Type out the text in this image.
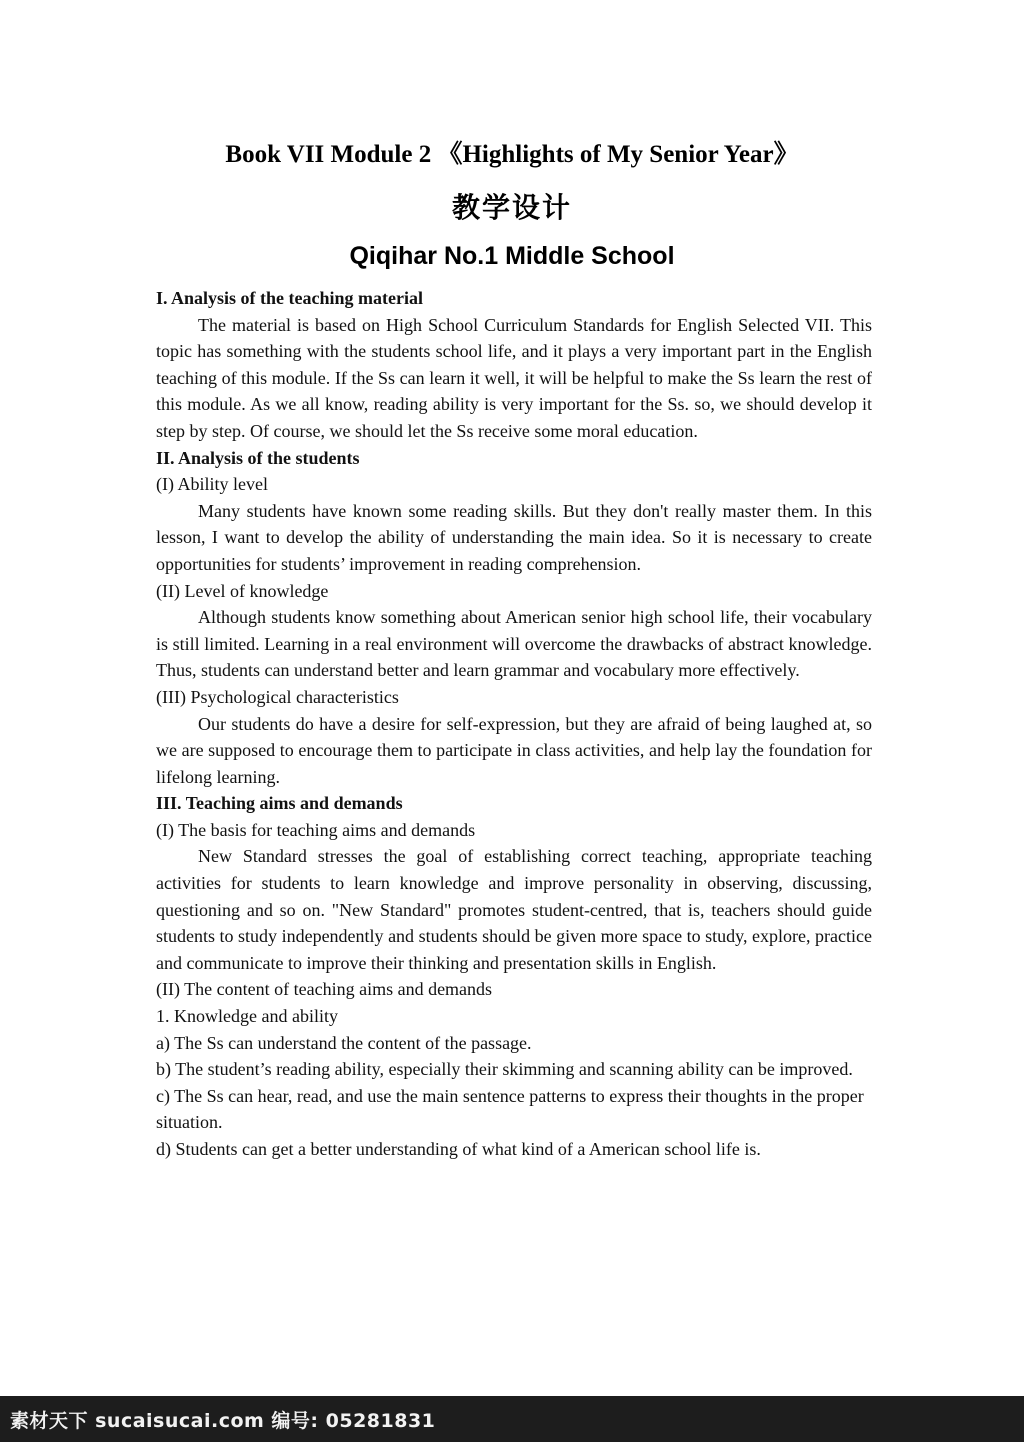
Book VII Module 2 《Highlights of My Senior Year》
教学设计
Qiqihar No.1 Middle School

I. Analysis of the teaching material

The material is based on High School Curriculum Standards for English Selected VII. This topic has something with the students school life, and it plays a very important part in the English teaching of this module. If the Ss can learn it well, it will be helpful to make the Ss learn the rest of this module. As we all know, reading ability is very important for the Ss. so, we should develop it step by step. Of course, we should let the Ss receive some moral education.

II. Analysis of the students

(I) Ability level

Many students have known some reading skills. But they don't really master them. In this lesson, I want to develop the ability of understanding the main idea. So it is necessary to create opportunities for students’ improvement in reading comprehension.

(II) Level of knowledge

Although students know something about American senior high school life, their vocabulary is still limited. Learning in a real environment will overcome the drawbacks of abstract knowledge. Thus, students can understand better and learn grammar and vocabulary more effectively.

(III) Psychological characteristics

Our students do have a desire for self-expression, but they are afraid of being laughed at, so we are supposed to encourage them to participate in class activities, and help lay the foundation for lifelong learning.

III. Teaching aims and demands

(I) The basis for teaching aims and demands

New Standard stresses the goal of establishing correct teaching, appropriate teaching activities for students to learn knowledge and improve personality in observing, discussing, questioning and so on. "New Standard" promotes student-centred, that is, teachers should guide students to study independently and students should be given more space to study, explore, practice and communicate to improve their thinking and presentation skills in English.

(II) The content of teaching aims and demands

1. Knowledge and ability

a) The Ss can understand the content of the passage.

b) The student’s reading ability, especially their skimming and scanning ability can be improved.

c) The Ss can hear, read, and use the main sentence patterns to express their thoughts in the proper situation.

d) Students can get a better understanding of what kind of a American school life is.

素材天下 sucaisucai.com 编号: 05281831
